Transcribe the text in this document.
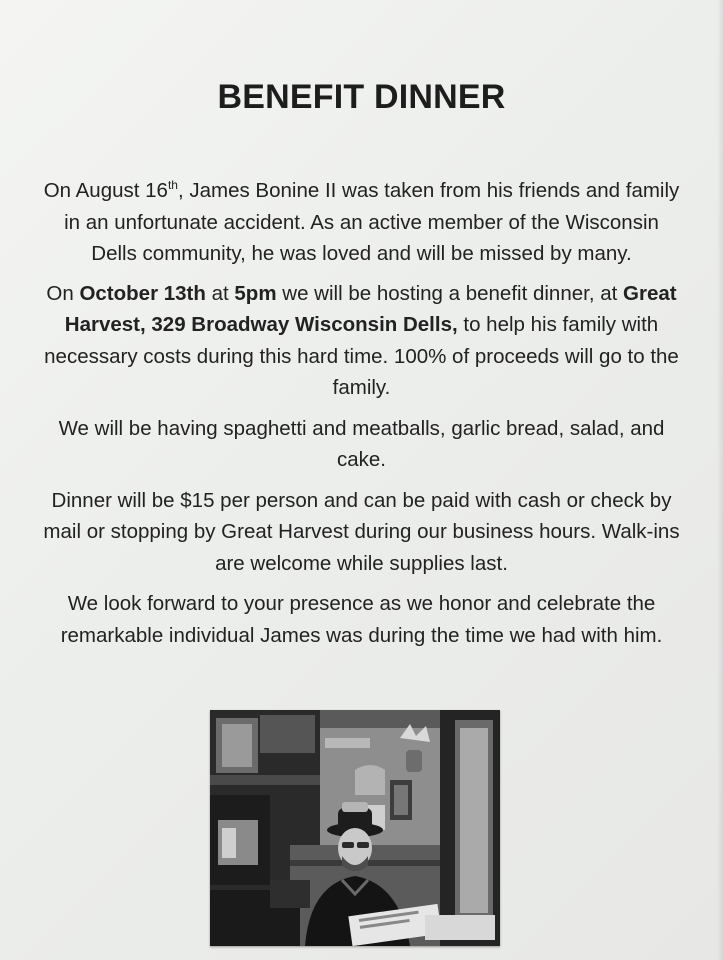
BENEFIT DINNER

On August 16th, James Bonine II was taken from his friends and family in an unfortunate accident. As an active member of the Wisconsin Dells community, he was loved and will be missed by many.

On October 13th at 5pm we will be hosting a benefit dinner, at Great Harvest, 329 Broadway Wisconsin Dells, to help his family with necessary costs during this hard time. 100% of proceeds will go to the family.

We will be having spaghetti and meatballs, garlic bread, salad, and cake.

Dinner will be $15 per person and can be paid with cash or check by mail or stopping by Great Harvest during our business hours. Walk-ins are welcome while supplies last.

We look forward to your presence as we honor and celebrate the remarkable individual James was during the time we had with him.
